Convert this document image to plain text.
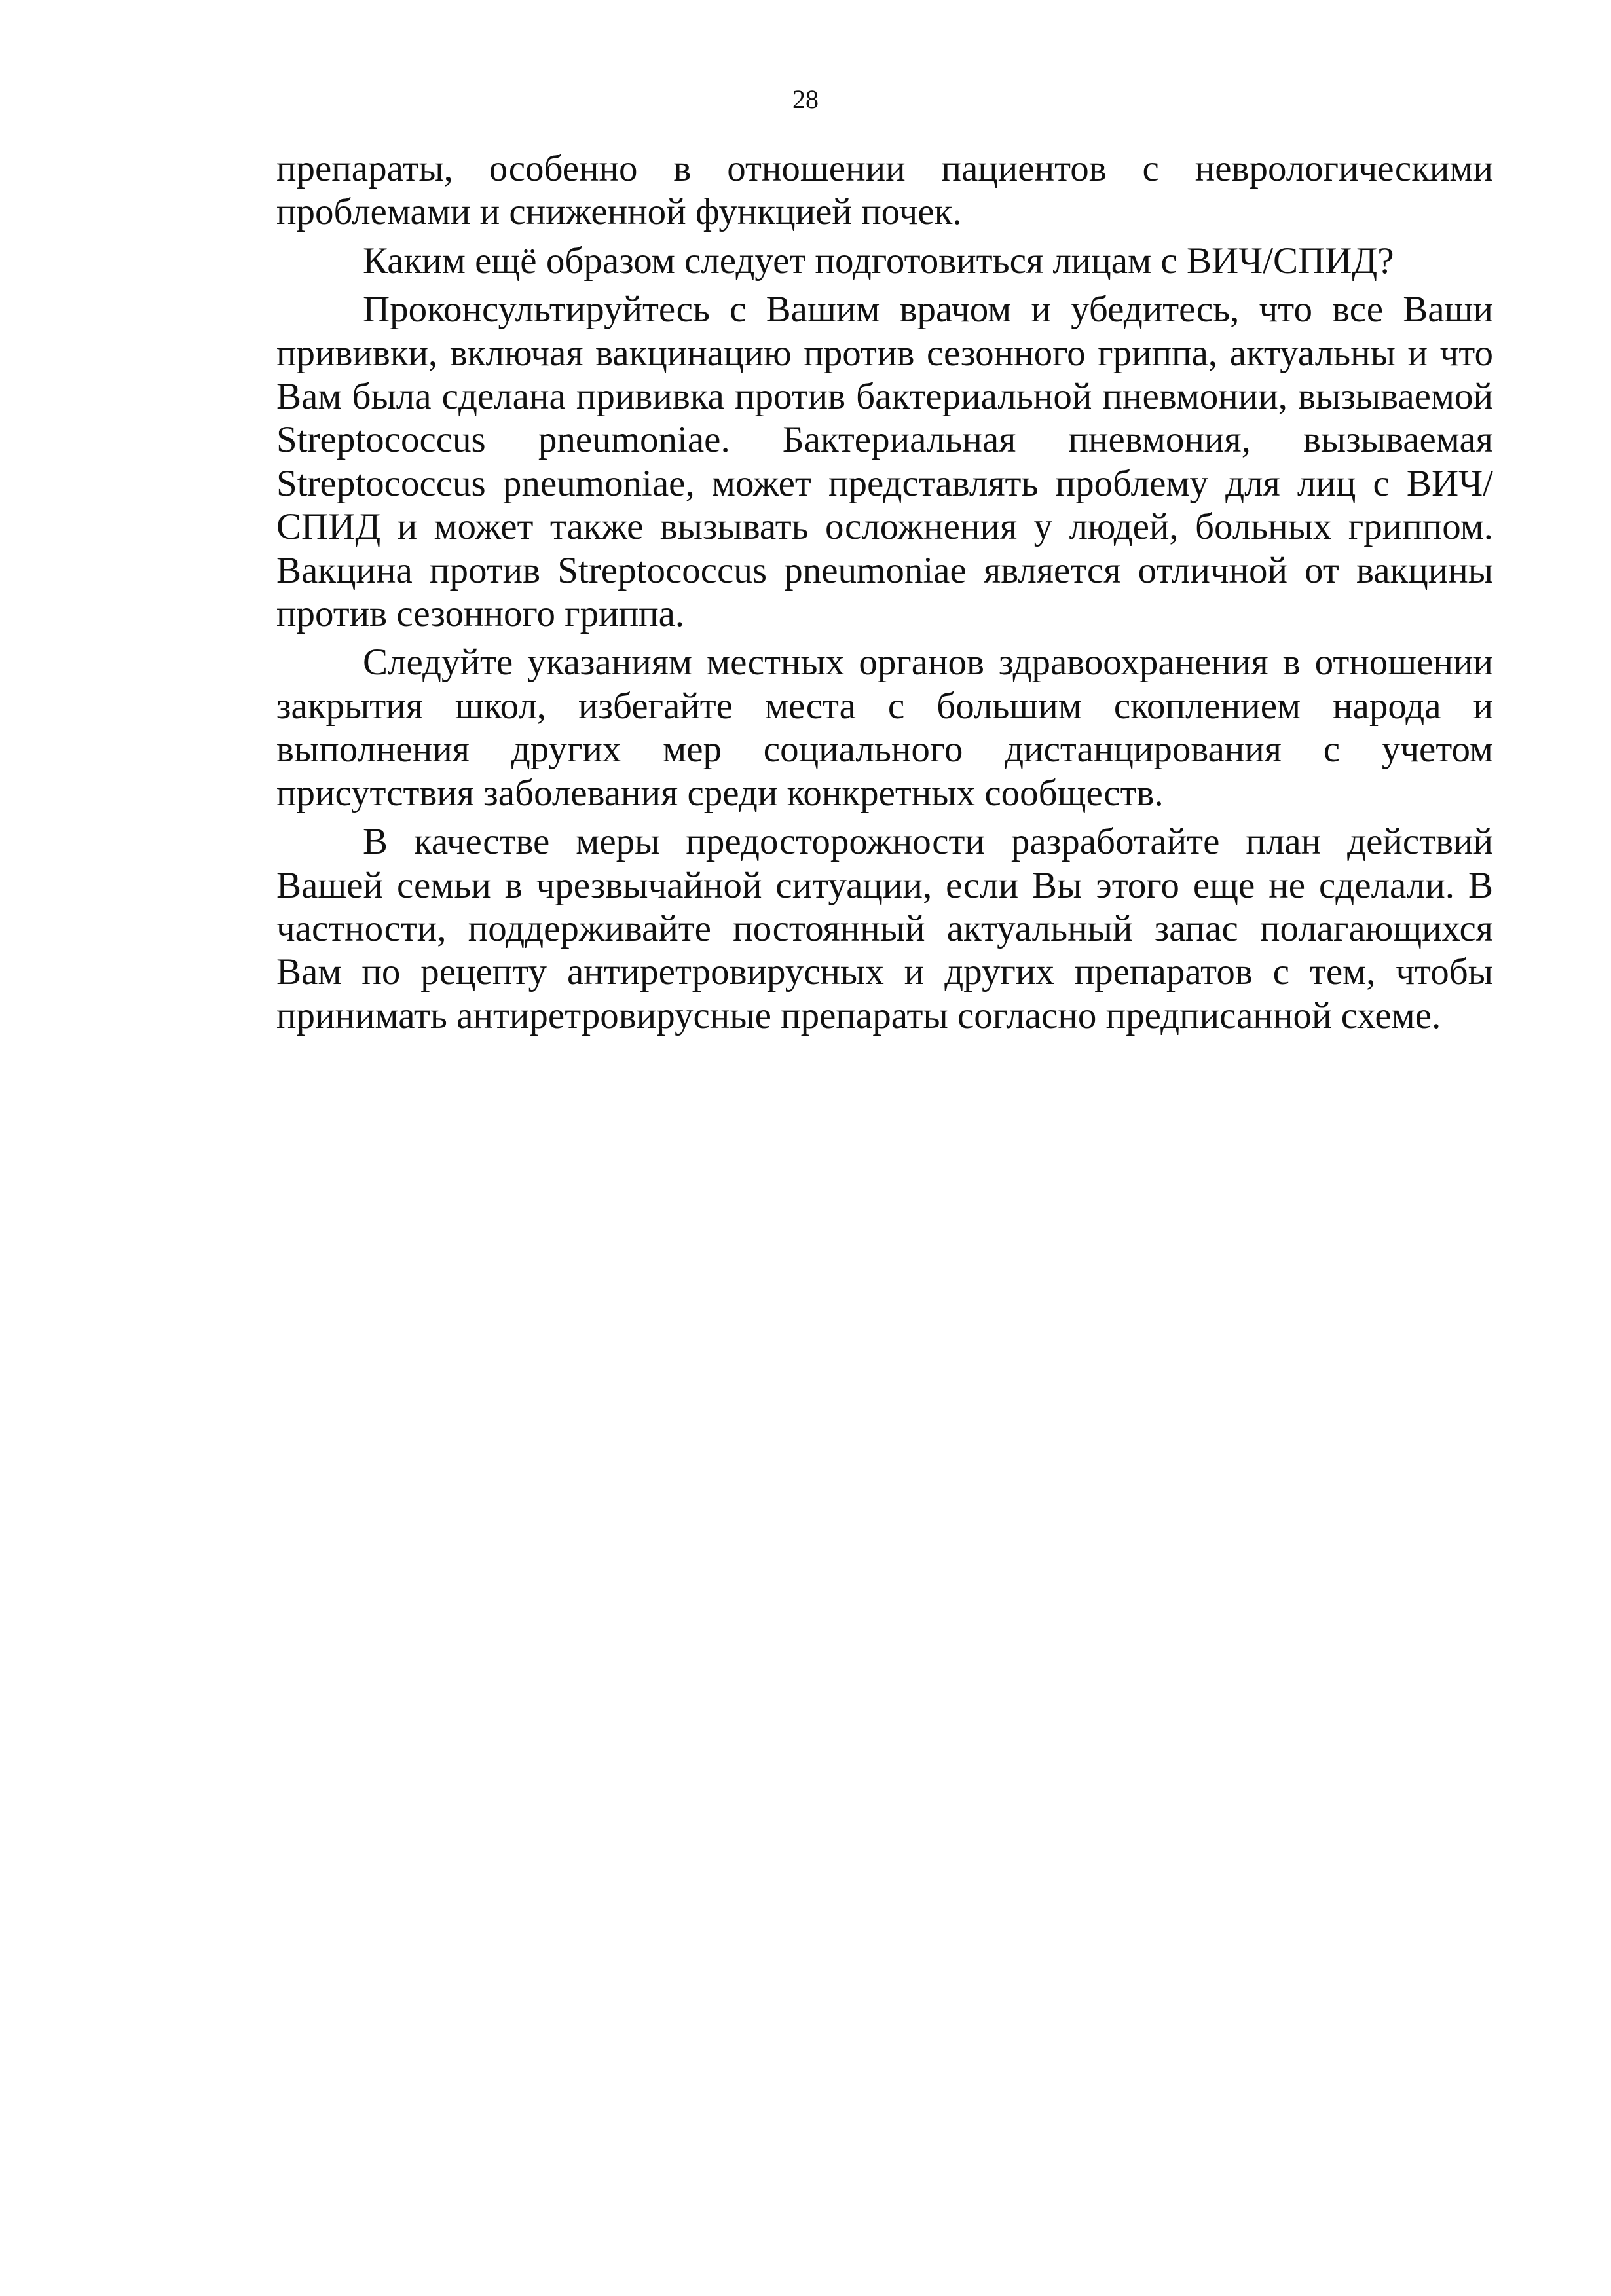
28

препараты, особенно в отношении пациентов с неврологическими проблемами и сниженной функцией почек.

Каким ещё образом следует подготовиться лицам с ВИЧ/СПИД?

Проконсультируйтесь с Вашим врачом и убедитесь, что все Ваши прививки, включая вакцинацию против сезонного гриппа, актуальны и что Вам была сделана прививка против бактериальной пневмонии, вызываемой Streptococcus pneumoniae. Бактериальная пневмония, вызываемая Streptococcus pneumoniae, может представлять проблему для лиц с ВИЧ/СПИД и может также вызывать осложнения у людей, больных гриппом. Вакцина против Streptococcus pneumoniae является отличной от вакцины против сезонного гриппа.

Следуйте указаниям местных органов здравоохранения в отношении закрытия школ, избегайте места с большим скоплением народа и выполнения других мер социального дистанцирования с учетом присутствия заболевания среди конкретных сообществ.

В качестве меры предосторожности разработайте план действий Вашей семьи в чрезвычайной ситуации, если Вы этого еще не сделали. В частности, поддерживайте постоянный актуальный запас полагающихся Вам по рецепту антиретровирусных и других препаратов с тем, чтобы принимать антиретровирусные препараты согласно предписанной схеме.
